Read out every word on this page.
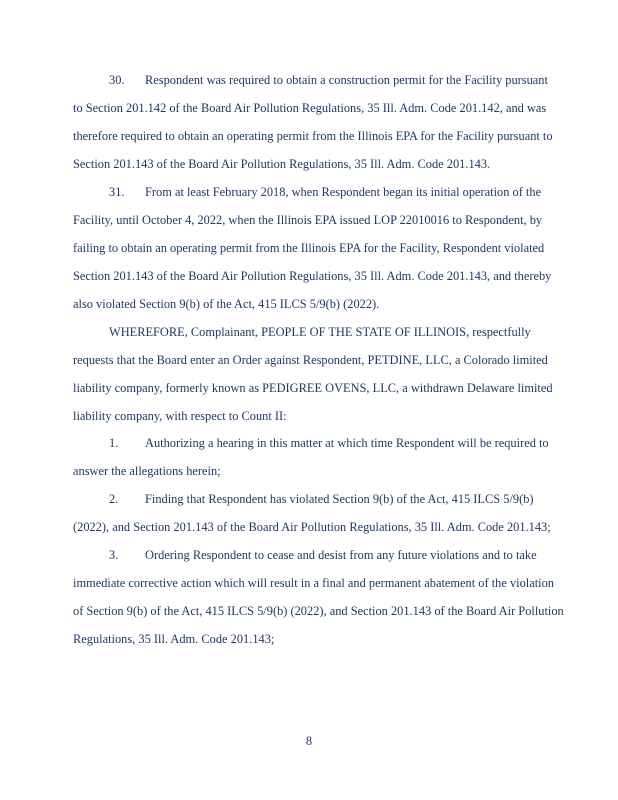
30. Respondent was required to obtain a construction permit for the Facility pursuant
to Section 201.142 of the Board Air Pollution Regulations, 35 Ill. Adm. Code 201.142, and was
therefore required to obtain an operating permit from the Illinois EPA for the Facility pursuant to
Section 201.143 of the Board Air Pollution Regulations, 35 Ill. Adm. Code 201.143.
31. From at least February 2018, when Respondent began its initial operation of the
Facility, until October 4, 2022, when the Illinois EPA issued LOP 22010016 to Respondent, by
failing to obtain an operating permit from the Illinois EPA for the Facility, Respondent violated
Section 201.143 of the Board Air Pollution Regulations, 35 Ill. Adm. Code 201.143, and thereby
also violated Section 9(b) of the Act, 415 ILCS 5/9(b) (2022).
WHEREFORE, Complainant, PEOPLE OF THE STATE OF ILLINOIS, respectfully
requests that the Board enter an Order against Respondent, PETDINE, LLC, a Colorado limited
liability company, formerly known as PEDIGREE OVENS, LLC, a withdrawn Delaware limited
liability company, with respect to Count II:
1. Authorizing a hearing in this matter at which time Respondent will be required to
answer the allegations herein;
2. Finding that Respondent has violated Section 9(b) of the Act, 415 ILCS 5/9(b)
(2022), and Section 201.143 of the Board Air Pollution Regulations, 35 Ill. Adm. Code 201.143;
3. Ordering Respondent to cease and desist from any future violations and to take
immediate corrective action which will result in a final and permanent abatement of the violation
of Section 9(b) of the Act, 415 ILCS 5/9(b) (2022), and Section 201.143 of the Board Air Pollution
Regulations, 35 Ill. Adm. Code 201.143;
8
